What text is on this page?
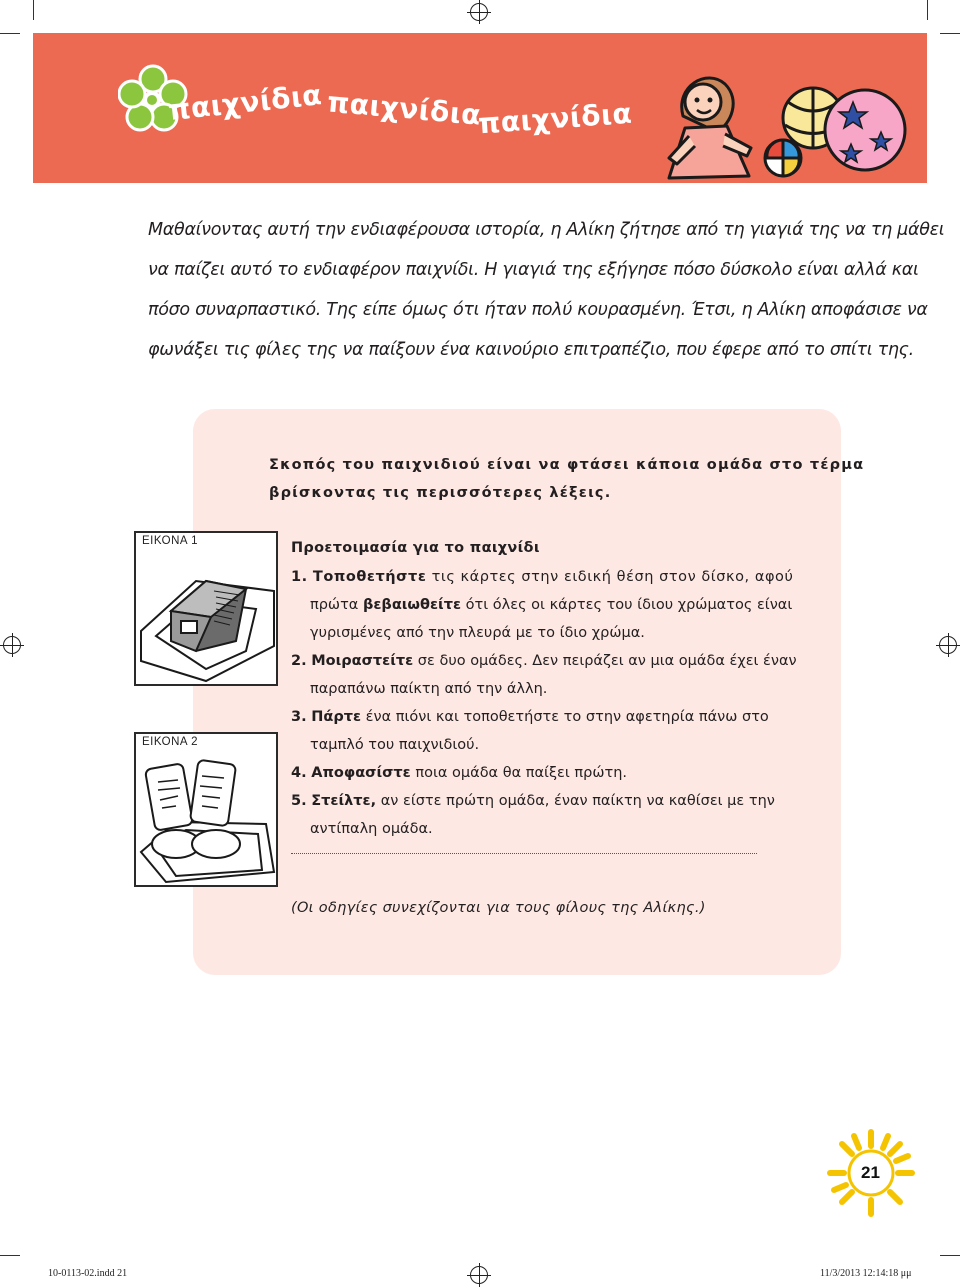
παιχνίδια παιχνίδια
παιχνίδια
Μαθαίνοντας αυτή την ενδιαφέρουσα ιστορία, η Αλίκη ζήτησε από τη γιαγιά της να τη μάθει
να παίζει αυτό το ενδιαφέρον παιχνίδι. Η γιαγιά της εξήγησε πόσο δύσκολο είναι αλλά και
πόσο συναρπαστικό. Της είπε όμως ότι ήταν πολύ κουρασμένη. Έτσι, η Αλίκη αποφάσισε να
φωνάξει τις φίλες της να παίξουν ένα καινούριο επιτραπέζιο, που έφερε από το σπίτι της.
Σκοπός του παιχνιδιού είναι να φτάσει κάποια ομάδα στο τέρμα
βρίσκοντας τις περισσότερες λέξεις.
ΕΙΚΟΝΑ 1
ΕΙΚΟΝΑ 2
Προετοιμασία για το παιχνίδι
1. Τοποθετήστε τις κάρτες στην ειδική θέση στον δίσκο, αφού
πρώτα βεβαιωθείτε ότι όλες οι κάρτες του ίδιου χρώματος είναι
γυρισμένες από την πλευρά με το ίδιο χρώμα.
2. Μοιραστείτε σε δυο ομάδες. Δεν πειράζει αν μια ομάδα έχει έναν
παραπάνω παίκτη από την άλλη.
3. Πάρτε ένα πιόνι και τοποθετήστε το στην αφετηρία πάνω στο
ταμπλό του παιχνιδιού.
4. Αποφασίστε ποια ομάδα θα παίξει πρώτη.
5. Στείλτε, αν είστε πρώτη ομάδα, έναν παίκτη να καθίσει με την
αντίπαλη ομάδα.
(Οι οδηγίες συνεχίζονται για τους φίλους της Αλίκης.)
21
10-0113-02.indd 21	11/3/2013 12:14:18 μμ
